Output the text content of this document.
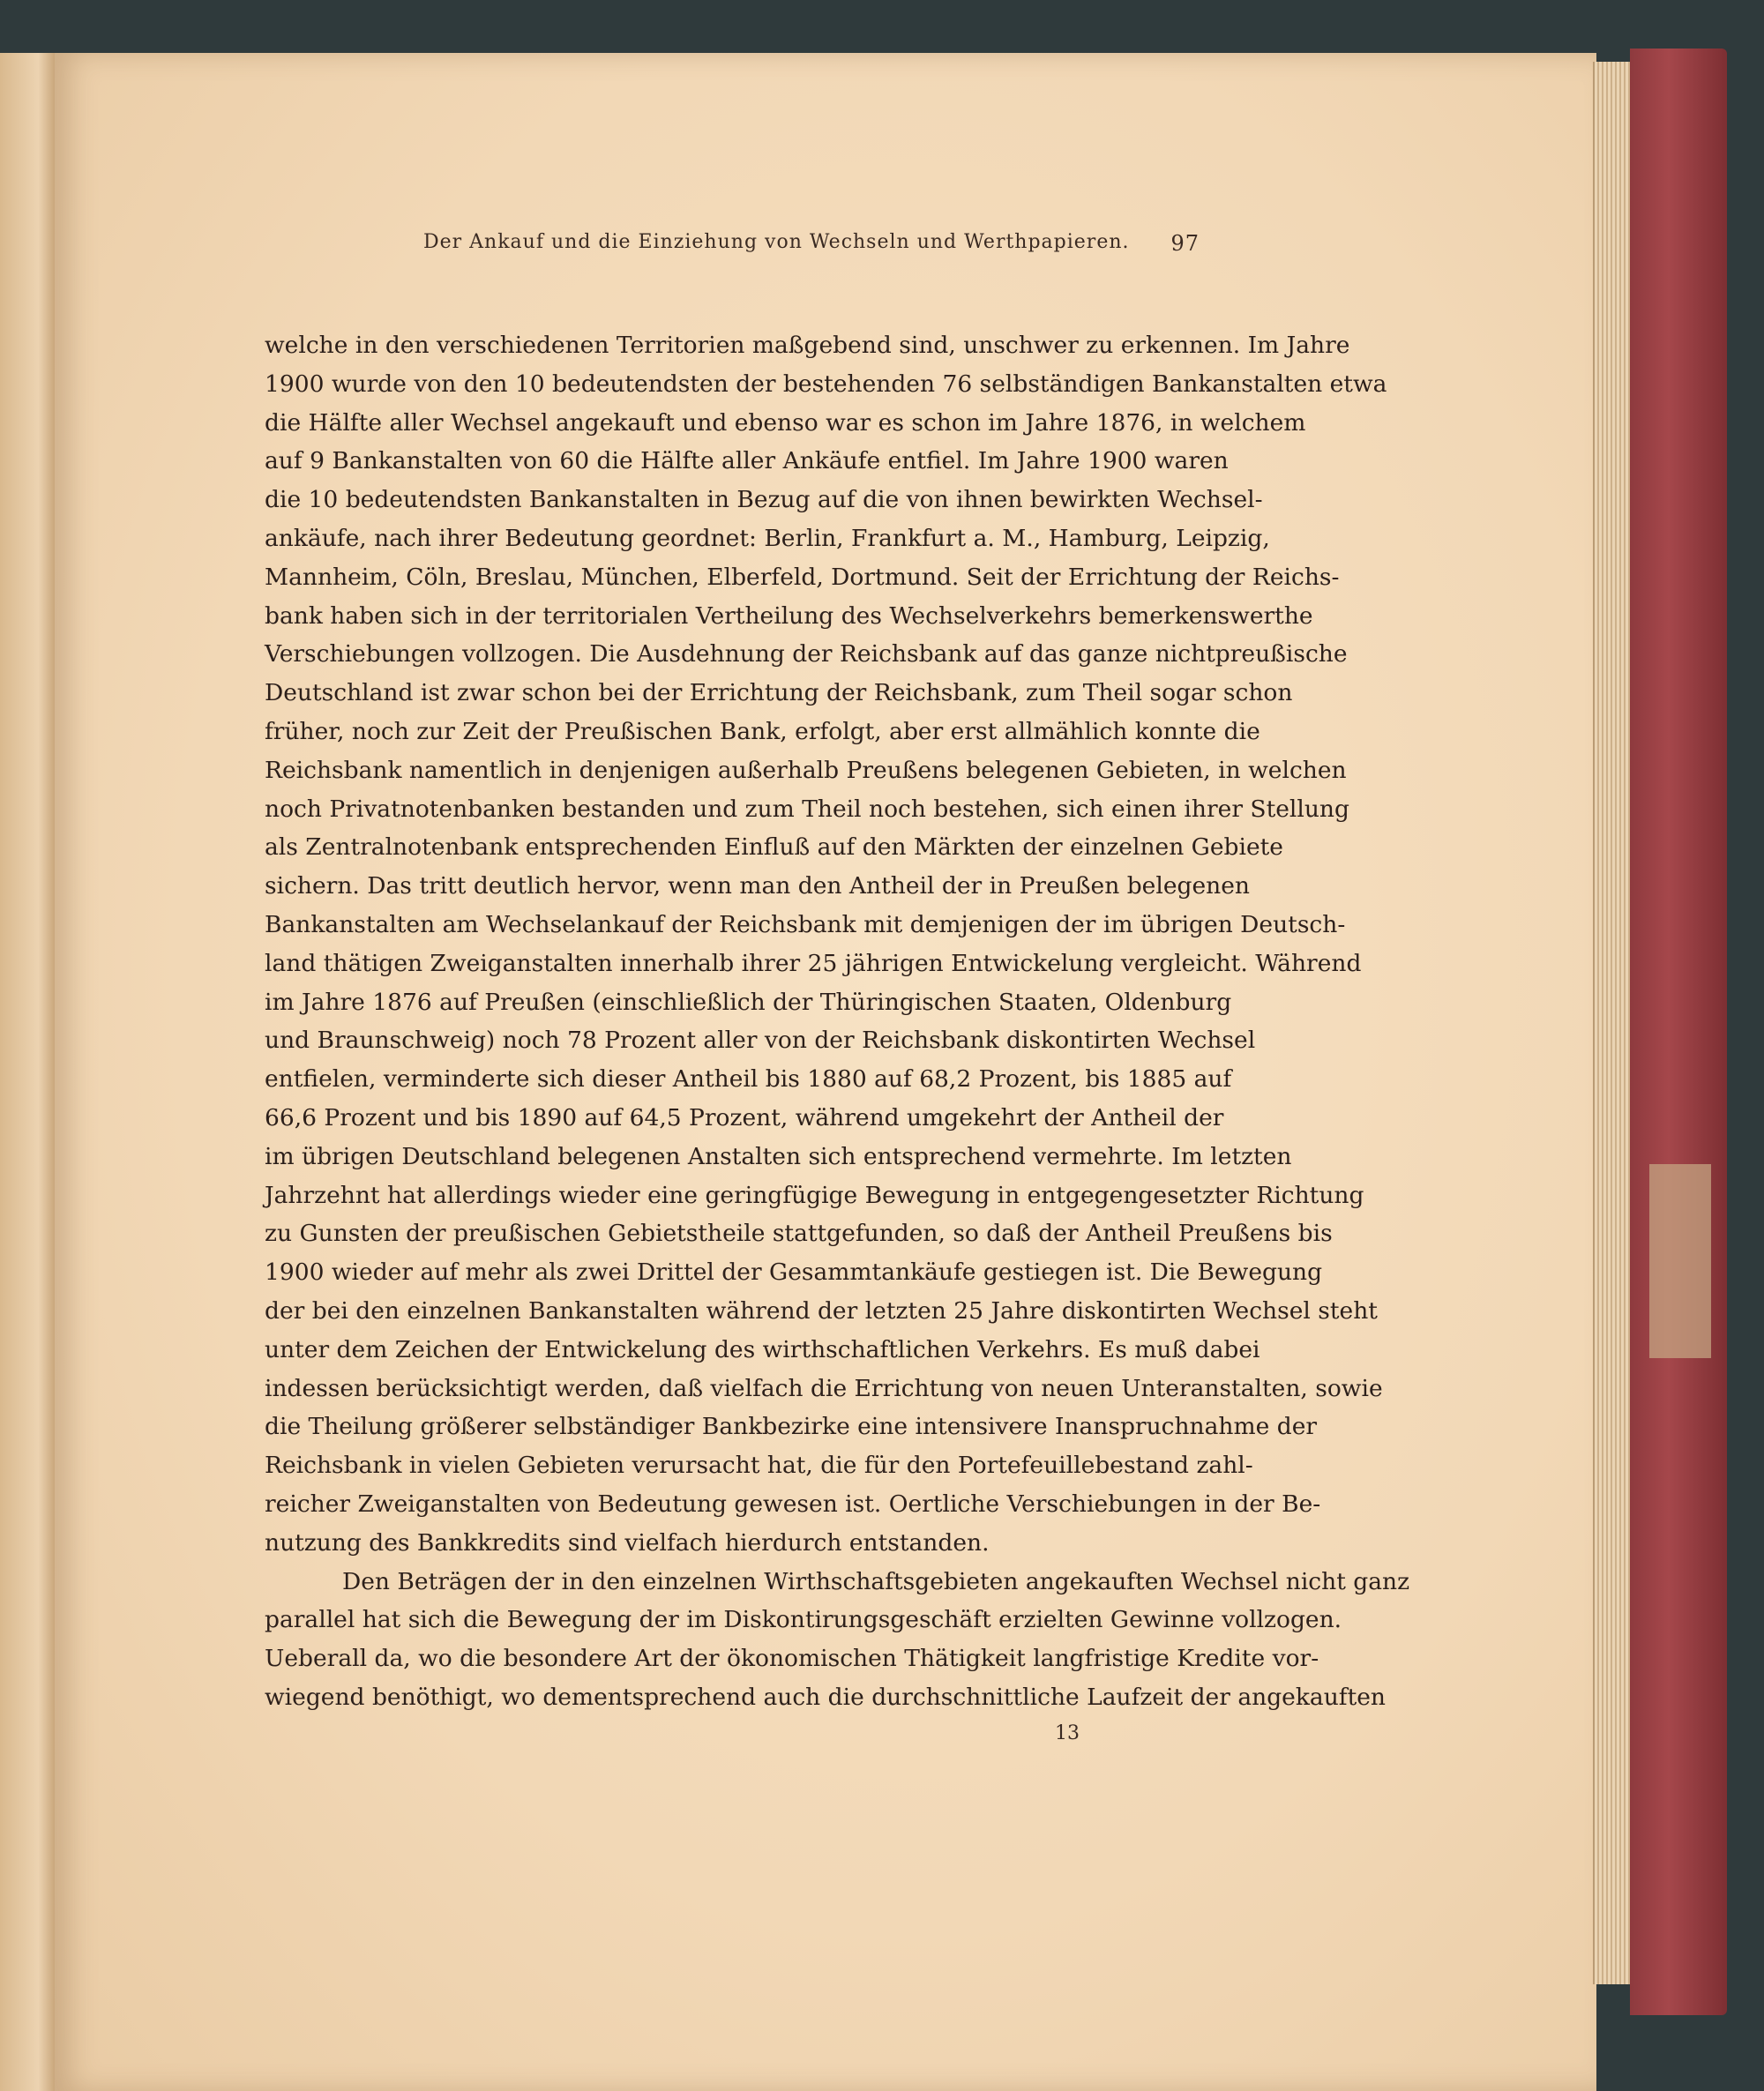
Der Ankauf und die Einziehung von Wechseln und Werthpapieren. 97
welche in den verschiedenen Territorien maßgebend sind, unschwer zu erkennen. Im Jahre
1900 wurde von den 10 bedeutendsten der bestehenden 76 selbständigen Bankanstalten etwa
die Hälfte aller Wechsel angekauft und ebenso war es schon im Jahre 1876, in welchem
auf 9 Bankanstalten von 60 die Hälfte aller Ankäufe entfiel. Im Jahre 1900 waren
die 10 bedeutendsten Bankanstalten in Bezug auf die von ihnen bewirkten Wechsel-
ankäufe, nach ihrer Bedeutung geordnet: Berlin, Frankfurt a. M., Hamburg, Leipzig,
Mannheim, Cöln, Breslau, München, Elberfeld, Dortmund. Seit der Errichtung der Reichs-
bank haben sich in der territorialen Vertheilung des Wechselverkehrs bemerkenswerthe
Verschiebungen vollzogen. Die Ausdehnung der Reichsbank auf das ganze nichtpreußische
Deutschland ist zwar schon bei der Errichtung der Reichsbank, zum Theil sogar schon
früher, noch zur Zeit der Preußischen Bank, erfolgt, aber erst allmählich konnte die
Reichsbank namentlich in denjenigen außerhalb Preußens belegenen Gebieten, in welchen
noch Privatnotenbanken bestanden und zum Theil noch bestehen, sich einen ihrer Stellung
als Zentralnotenbank entsprechenden Einfluß auf den Märkten der einzelnen Gebiete
sichern. Das tritt deutlich hervor, wenn man den Antheil der in Preußen belegenen
Bankanstalten am Wechselankauf der Reichsbank mit demjenigen der im übrigen Deutsch-
land thätigen Zweiganstalten innerhalb ihrer 25 jährigen Entwickelung vergleicht. Während
im Jahre 1876 auf Preußen (einschließlich der Thüringischen Staaten, Oldenburg
und Braunschweig) noch 78 Prozent aller von der Reichsbank diskontirten Wechsel
entfielen, verminderte sich dieser Antheil bis 1880 auf 68,2 Prozent, bis 1885 auf
66,6 Prozent und bis 1890 auf 64,5 Prozent, während umgekehrt der Antheil der
im übrigen Deutschland belegenen Anstalten sich entsprechend vermehrte. Im letzten
Jahrzehnt hat allerdings wieder eine geringfügige Bewegung in entgegengesetzter Richtung
zu Gunsten der preußischen Gebietstheile stattgefunden, so daß der Antheil Preußens bis
1900 wieder auf mehr als zwei Drittel der Gesammtankäufe gestiegen ist. Die Bewegung
der bei den einzelnen Bankanstalten während der letzten 25 Jahre diskontirten Wechsel steht
unter dem Zeichen der Entwickelung des wirthschaftlichen Verkehrs. Es muß dabei
indessen berücksichtigt werden, daß vielfach die Errichtung von neuen Unteranstalten, sowie
die Theilung größerer selbständiger Bankbezirke eine intensivere Inanspruchnahme der
Reichsbank in vielen Gebieten verursacht hat, die für den Portefeuillebestand zahl-
reicher Zweiganstalten von Bedeutung gewesen ist. Oertliche Verschiebungen in der Be-
nutzung des Bankkredits sind vielfach hierdurch entstanden.
Den Beträgen der in den einzelnen Wirthschaftsgebieten angekauften Wechsel nicht ganz
parallel hat sich die Bewegung der im Diskontirungsgeschäft erzielten Gewinne vollzogen.
Ueberall da, wo die besondere Art der ökonomischen Thätigkeit langfristige Kredite vor-
wiegend benöthigt, wo dementsprechend auch die durchschnittliche Laufzeit der angekauften
13
